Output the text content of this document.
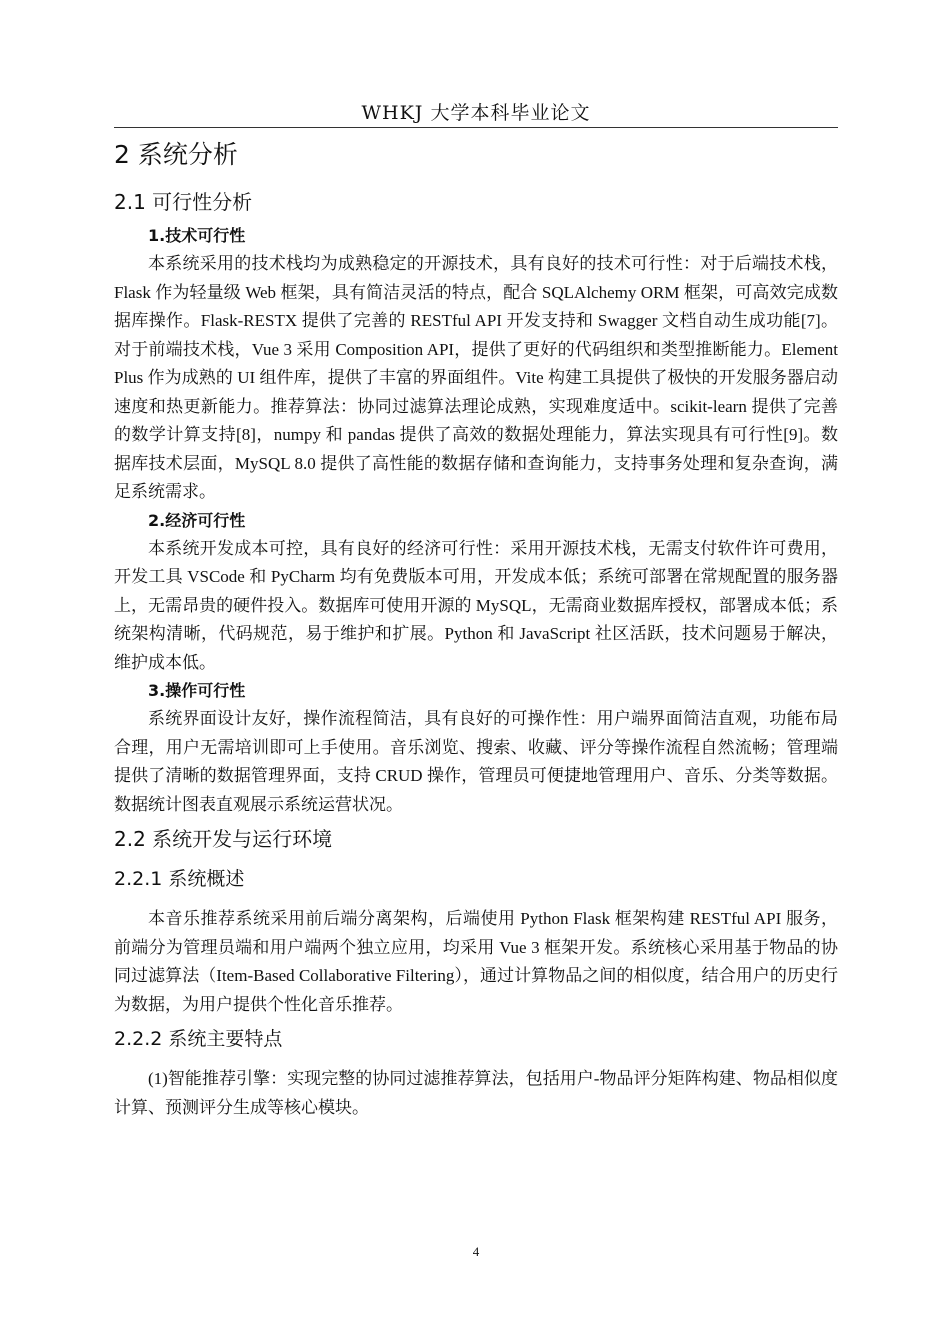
WHKJ 大学本科毕业论文
2 系统分析
2.1 可行性分析
1.技术可行性

本系统采用的技术栈均为成熟稳定的开源技术，具有良好的技术可行性：对于后端技术栈，Flask 作为轻量级 Web 框架，具有简洁灵活的特点，配合 SQLAlchemy ORM 框架，可高效完成数据库操作。Flask-RESTX 提供了完善的 RESTful API 开发支持和 Swagger 文档自动生成功能[7]。对于前端技术栈，Vue 3 采用 Composition API，提供了更好的代码组织和类型推断能力。Element Plus 作为成熟的 UI 组件库，提供了丰富的界面组件。Vite 构建工具提供了极快的开发服务器启动速度和热更新能力。推荐算法：协同过滤算法理论成熟，实现难度适中。scikit-learn 提供了完善的数学计算支持[8]，numpy 和 pandas 提供了高效的数据处理能力，算法实现具有可行性[9]。数据库技术层面，MySQL 8.0 提供了高性能的数据存储和查询能力，支持事务处理和复杂查询，满足系统需求。

2.经济可行性

本系统开发成本可控，具有良好的经济可行性：采用开源技术栈，无需支付软件许可费用，开发工具 VSCode 和 PyCharm 均有免费版本可用，开发成本低；系统可部署在常规配置的服务器上，无需昂贵的硬件投入。数据库可使用开源的 MySQL，无需商业数据库授权，部署成本低；系统架构清晰，代码规范，易于维护和扩展。Python 和 JavaScript 社区活跃，技术问题易于解决，维护成本低。

3.操作可行性

系统界面设计友好，操作流程简洁，具有良好的可操作性：用户端界面简洁直观，功能布局合理，用户无需培训即可上手使用。音乐浏览、搜索、收藏、评分等操作流程自然流畅；管理端提供了清晰的数据管理界面，支持 CRUD 操作，管理员可便捷地管理用户、音乐、分类等数据。数据统计图表直观展示系统运营状况。

2.2 系统开发与运行环境
2.2.1 系统概述

本音乐推荐系统采用前后端分离架构，后端使用 Python Flask 框架构建 RESTful API 服务，前端分为管理员端和用户端两个独立应用，均采用 Vue 3 框架开发。系统核心采用基于物品的协同过滤算法（Item-Based Collaborative Filtering），通过计算物品之间的相似度，结合用户的历史行为数据，为用户提供个性化音乐推荐。

2.2.2 系统主要特点

(1)智能推荐引擎：实现完整的协同过滤推荐算法，包括用户-物品评分矩阵构建、物品相似度计算、预测评分生成等核心模块。

4
